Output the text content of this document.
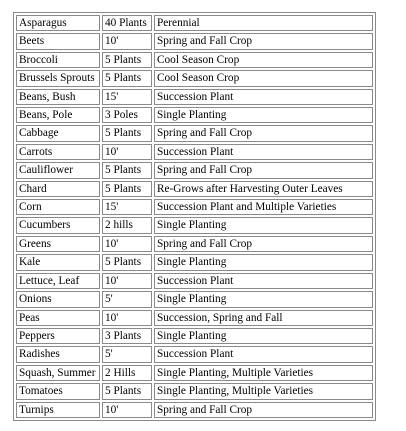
Asparagus	40 Plants	Perennial
Beets	10'	Spring and Fall Crop
Broccoli	5 Plants	Cool Season Crop
Brussels Sprouts	5 Plants	Cool Season Crop
Beans, Bush	15'	Succession Plant
Beans, Pole	3 Poles	Single Planting
Cabbage	5 Plants	Spring and Fall Crop
Carrots	10'	Succession Plant
Cauliflower	5 Plants	Spring and Fall Crop
Chard	5 Plants	Re-Grows after Harvesting Outer Leaves
Corn	15'	Succession Plant and Multiple Varieties
Cucumbers	2 hills	Single Planting
Greens	10'	Spring and Fall Crop
Kale	5 Plants	Single Planting
Lettuce, Leaf	10'	Succession Plant
Onions	5'	Single Planting
Peas	10'	Succession, Spring and Fall
Peppers	3 Plants	Single Planting
Radishes	5'	Succession Plant
Squash, Summer	2 Hills	Single Planting, Multiple Varieties
Tomatoes	5 Plants	Single Planting, Multiple Varieties
Turnips	10'	Spring and Fall Crop
